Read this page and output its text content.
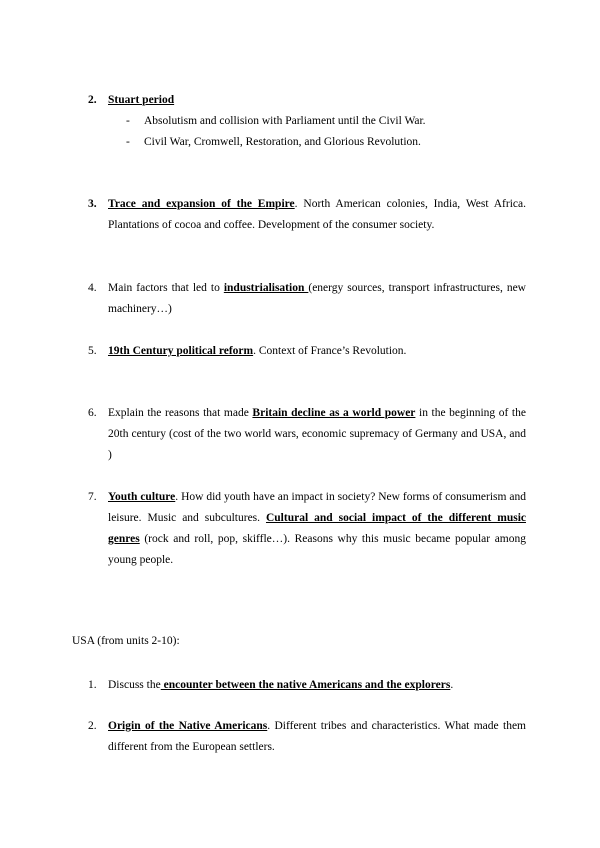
2. Stuart period
- Absolutism and collision with Parliament until the Civil War.
- Civil War, Cromwell, Restoration, and Glorious Revolution.
3. Trace and expansion of the Empire. North American colonies, India, West Africa. Plantations of cocoa and coffee. Development of the consumer society.
4. Main factors that led to industrialisation (energy sources, transport infrastructures, new machinery…)
5. 19th Century political reform. Context of France’s Revolution.
6. Explain the reasons that made Britain decline as a world power in the beginning of the 20th century (cost of the two world wars, economic supremacy of Germany and USA, and )
7. Youth culture. How did youth have an impact in society? New forms of consumerism and leisure. Music and subcultures. Cultural and social impact of the different music genres (rock and roll, pop, skiffle…). Reasons why this music became popular among young people.
USA (from units 2-10):
1. Discuss the encounter between the native Americans and the explorers.
2. Origin of the Native Americans. Different tribes and characteristics. What made them different from the European settlers.
